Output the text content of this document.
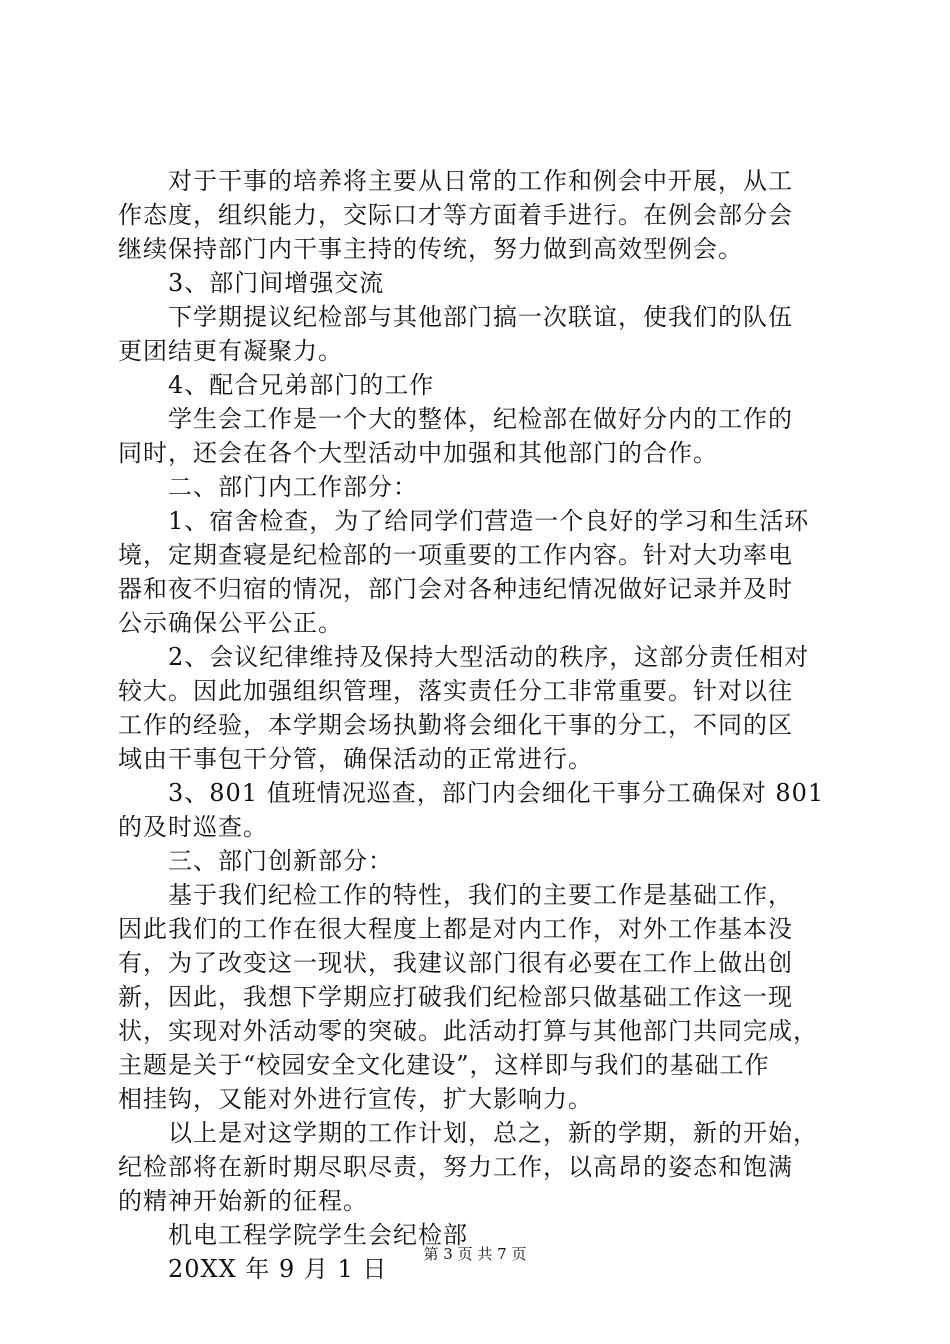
　　对于干事的培养将主要从日常的工作和例会中开展，从工
作态度，组织能力，交际口才等方面着手进行。在例会部分会
继续保持部门内干事主持的传统，努力做到高效型例会。
　　3、部门间增强交流
　　下学期提议纪检部与其他部门搞一次联谊，使我们的队伍
更团结更有凝聚力。
　　4、配合兄弟部门的工作
　　学生会工作是一个大的整体，纪检部在做好分内的工作的
同时，还会在各个大型活动中加强和其他部门的合作。
　　二、部门内工作部分：
　　1、宿舍检查，为了给同学们营造一个良好的学习和生活环
境，定期查寝是纪检部的一项重要的工作内容。针对大功率电
器和夜不归宿的情况，部门会对各种违纪情况做好记录并及时
公示确保公平公正。
　　2、会议纪律维持及保持大型活动的秩序，这部分责任相对
较大。因此加强组织管理，落实责任分工非常重要。针对以往
工作的经验，本学期会场执勤将会细化干事的分工，不同的区
域由干事包干分管，确保活动的正常进行。
　　3、801 值班情况巡查，部门内会细化干事分工确保对 801
的及时巡查。
　　三、部门创新部分：
　　基于我们纪检工作的特性，我们的主要工作是基础工作，
因此我们的工作在很大程度上都是对内工作，对外工作基本没
有，为了改变这一现状，我建议部门很有必要在工作上做出创
新，因此，我想下学期应打破我们纪检部只做基础工作这一现
状，实现对外活动零的突破。此活动打算与其他部门共同完成，
主题是关于“校园安全文化建设”，这样即与我们的基础工作
相挂钩，又能对外进行宣传，扩大影响力。
　　以上是对这学期的工作计划，总之，新的学期，新的开始，
纪检部将在新时期尽职尽责，努力工作，以高昂的姿态和饱满
的精神开始新的征程。
　　机电工程学院学生会纪检部
　　20XX 年 9 月 1 日
第 3 页 共 7 页
